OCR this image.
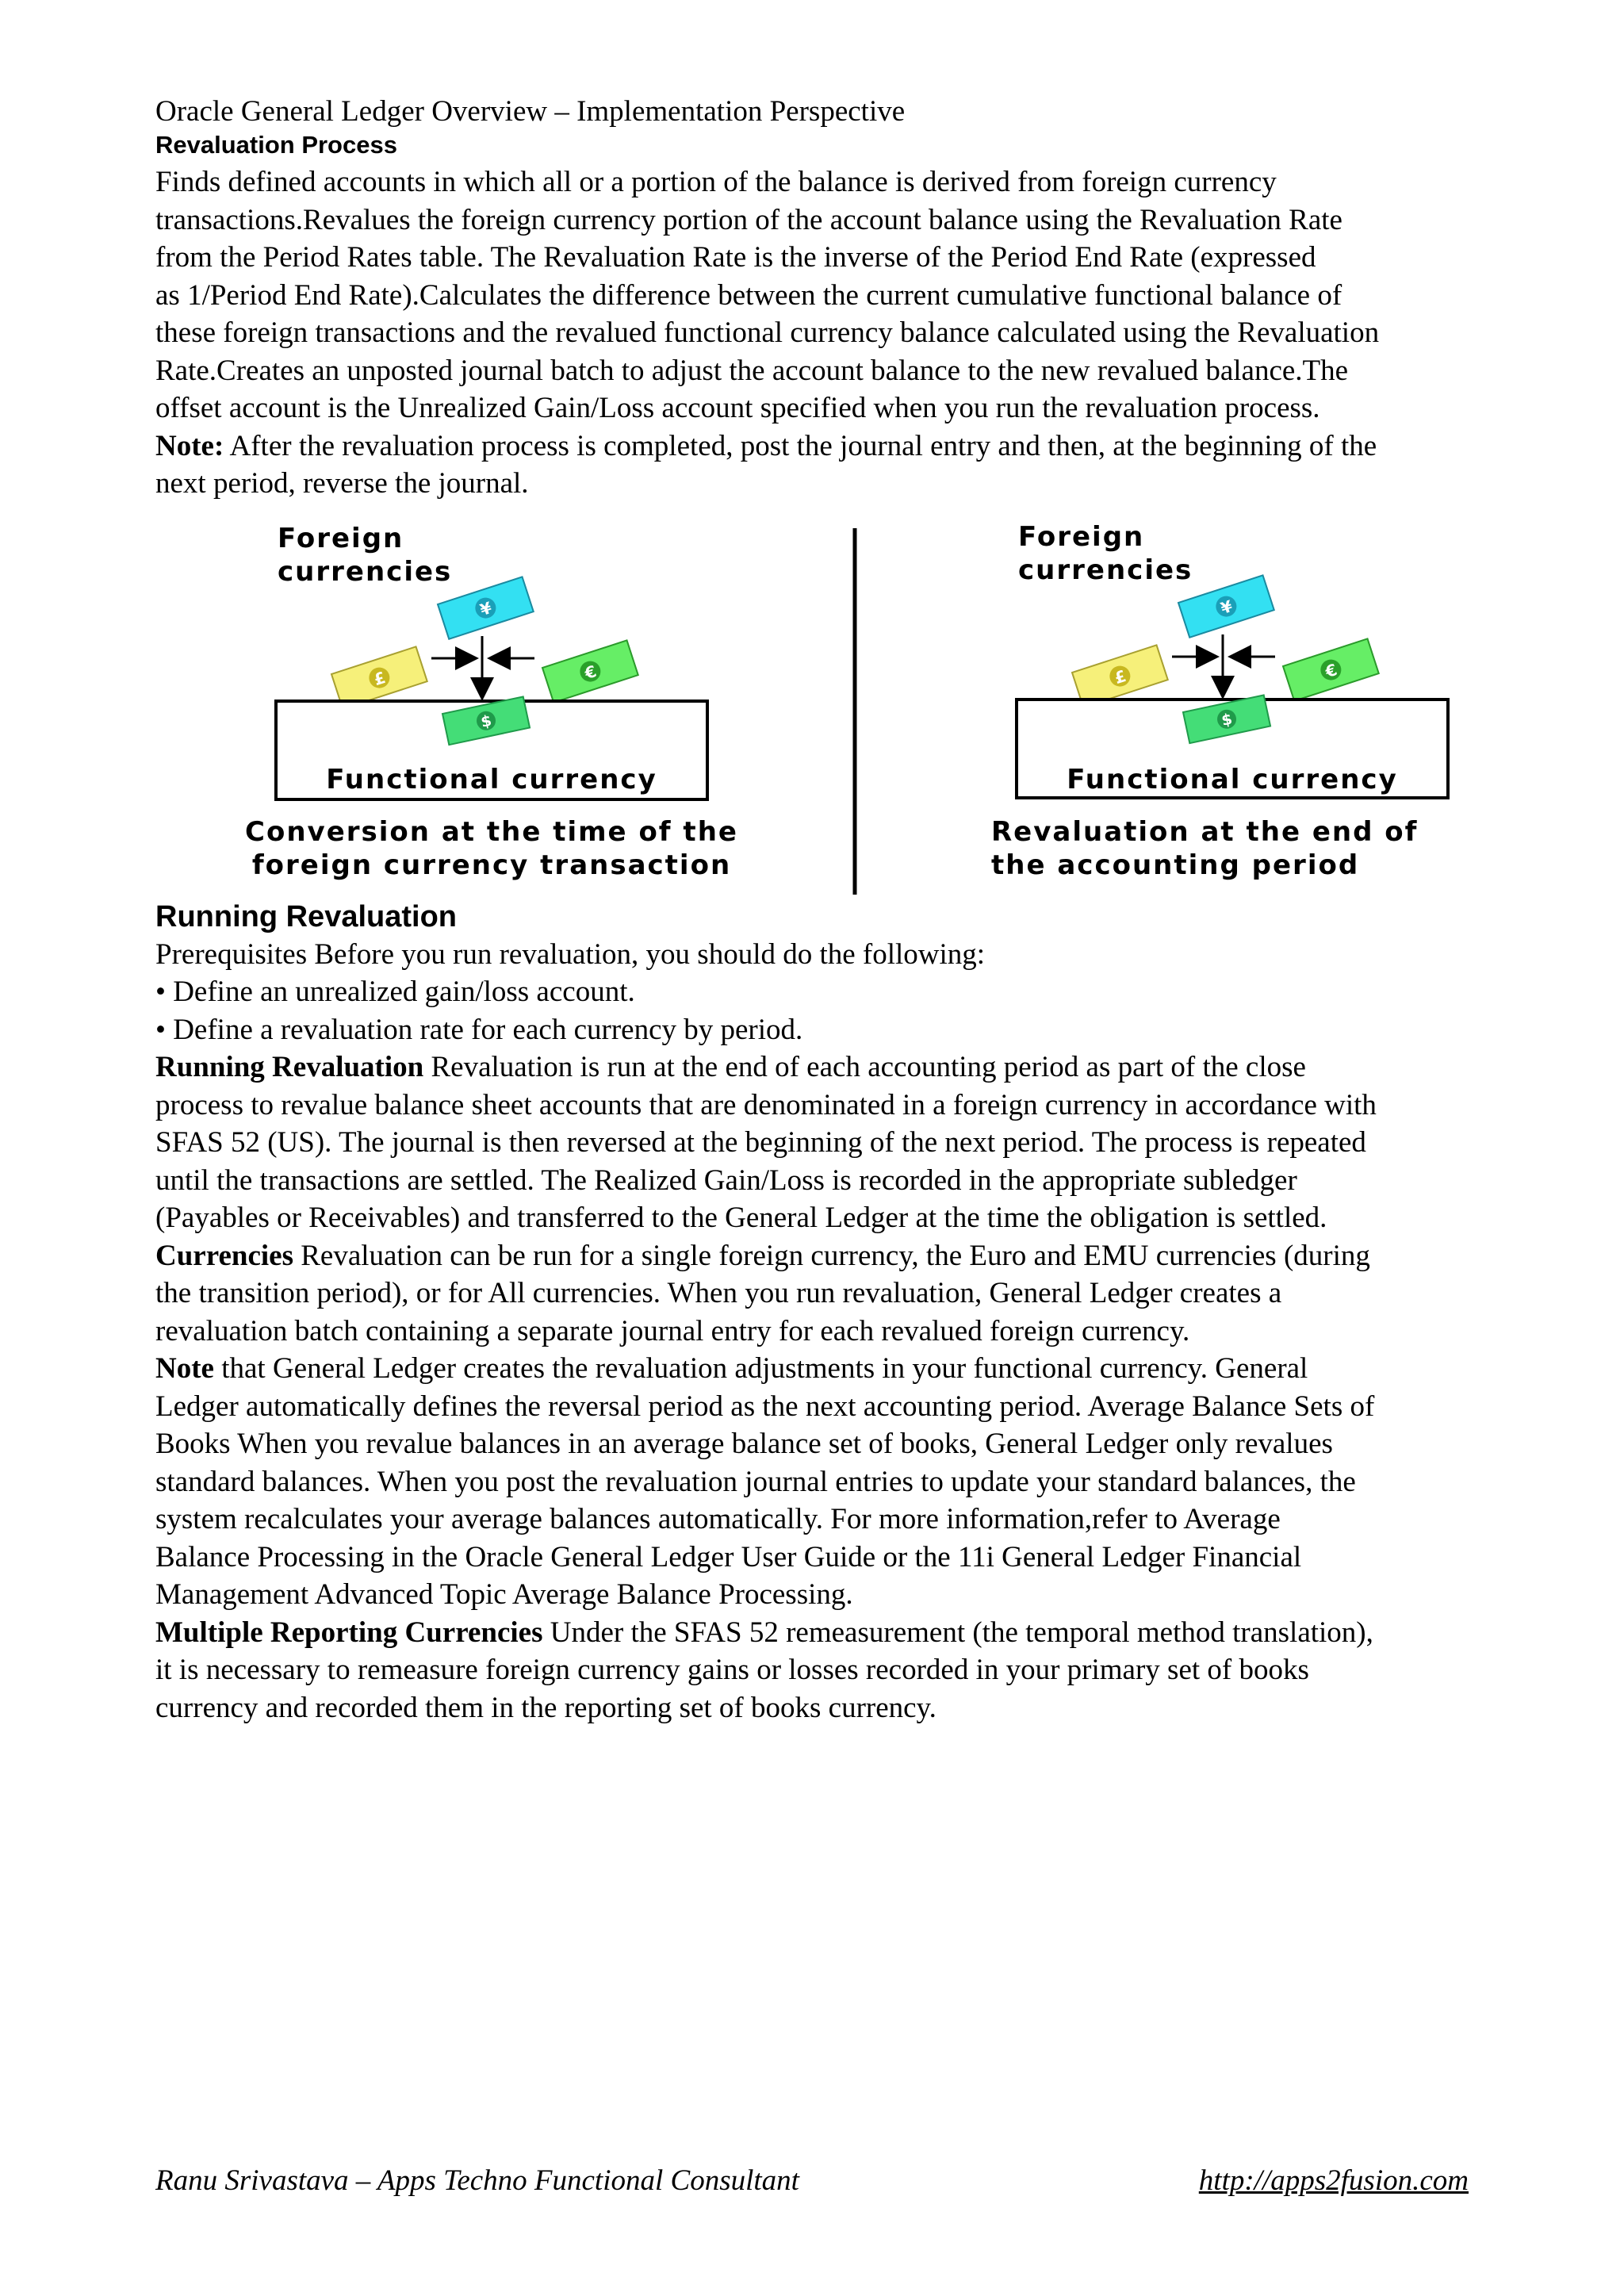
Oracle General Ledger Overview – Implementation Perspective

Revaluation Process

Finds defined accounts in which all or a portion of the balance is derived from foreign currency

transactions.Revalues the foreign currency portion of the account balance using the Revaluation Rate

from the Period Rates table. The Revaluation Rate is the inverse of the Period End Rate (expressed

as 1/Period End Rate).Calculates the difference between the current cumulative functional balance of

these foreign transactions and the revalued functional currency balance calculated using the Revaluation

Rate.Creates an unposted journal batch to adjust the account balance to the new revalued balance.The

offset account is the Unrealized Gain/Loss account specified when you run the revaluation process.

Note: After the revaluation process is completed, post the journal entry and then, at the beginning of the

next period, reverse the journal.

Foreign
currencies
¥
£	€
$
Functional currency
Conversion at the time of the
foreign currency transaction
Foreign
currencies
¥
£	€
$
Functional currency
Revaluation at the end of
the accounting period

Running Revaluation

Prerequisites Before you run revaluation, you should do the following:

• Define an unrealized gain/loss account.

• Define a revaluation rate for each currency by period.

Running Revaluation Revaluation is run at the end of each accounting period as part of the close

process to revalue balance sheet accounts that are denominated in a foreign currency in accordance with

SFAS 52 (US). The journal is then reversed at the beginning of the next period. The process is repeated

until the transactions are settled. The Realized Gain/Loss is recorded in the appropriate subledger

(Payables or Receivables) and transferred to the General Ledger at the time the obligation is settled.

Currencies Revaluation can be run for a single foreign currency, the Euro and EMU currencies (during

the transition period), or for All currencies. When you run revaluation, General Ledger creates a

revaluation batch containing a separate journal entry for each revalued foreign currency.

Note that General Ledger creates the revaluation adjustments in your functional currency. General

Ledger automatically defines the reversal period as the next accounting period. Average Balance Sets of

Books When you revalue balances in an average balance set of books, General Ledger only revalues

standard balances. When you post the revaluation journal entries to update your standard balances, the

system recalculates your average balances automatically. For more information,refer to Average

Balance Processing in the Oracle General Ledger User Guide or the 11i General Ledger Financial

Management Advanced Topic Average Balance Processing.

Multiple Reporting Currencies Under the SFAS 52 remeasurement (the temporal method translation),

it is necessary to remeasure foreign currency gains or losses recorded in your primary set of books

currency and recorded them in the reporting set of books currency.

Ranu Srivastava – Apps Techno Functional Consultant	http://apps2fusion.com
